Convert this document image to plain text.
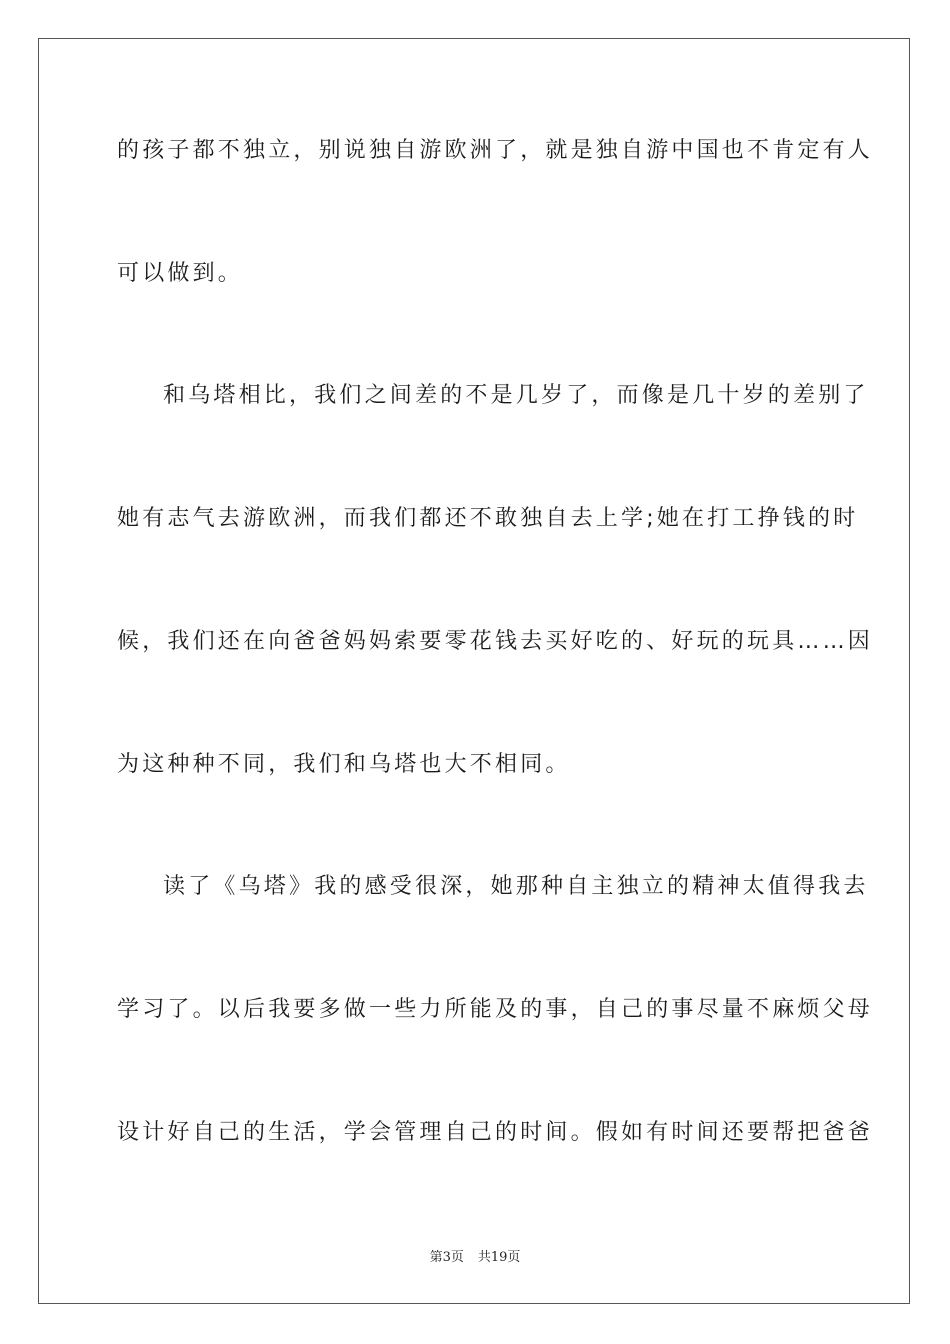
的孩子都不独立，别说独自游欧洲了，就是独自游中国也不肯定有人

可以做到。

和乌塔相比，我们之间差的不是几岁了，而像是几十岁的差别了

她有志气去游欧洲，而我们都还不敢独自去上学;她在打工挣钱的时

候，我们还在向爸爸妈妈索要零花钱去买好吃的、好玩的玩具……因

为这种种不同，我们和乌塔也大不相同。

读了《乌塔》我的感受很深，她那种自主独立的精神太值得我去

学习了。以后我要多做一些力所能及的事，自己的事尽量不麻烦父母

设计好自己的生活，学会管理自己的时间。假如有时间还要帮把爸爸

第3页 共19页
